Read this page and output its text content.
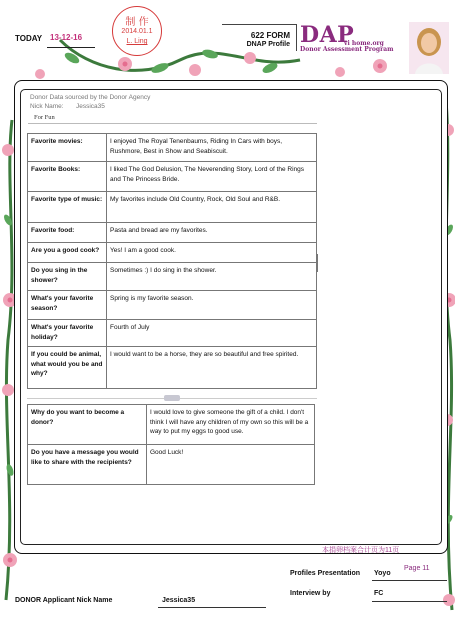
TODAY 13-12-16
制 作
2014.01.1
L. Ling
622 FORM
DNAP Profile DAP
vi home.org
Donor Assessment Program
Donor Data sourced by the Donor Agency
Nick Name: Jessica35
For Fun
Favorite movies:	I enjoyed The Royal Tenenbaums, Riding In Cars with boys, Rushmore, Best in Show and Seabiscuit.
Favorite Books:	I liked The God Delusion, The Neverending Story, Lord of the Rings and The Princess Bride.
Favorite type of music:	My favorites include Old Country, Rock, Old Soul and R&B.
Favorite food:	Pasta and bread are my favorites.
Are you a good cook?	Yes! I am a good cook.
Do you sing in the shower?	Sometimes :) I do sing in the shower.
What's your favorite season?	Spring is my favorite season.
What's your favorite holiday?	Fourth of July
If you could be animal, what would you be and why?	I would want to be a horse, they are so beautiful and free spirited.
Why do you want to become a donor?	I would love to give someone the gift of a child. I don't think I will have any children of my own so this will be a way to put my eggs to good use.
Do you have a message you would like to share with the recipients?	Good Luck!
本捐卵档案合计页为11页
Profiles Presentation Yoyo
Page 11
Interview by	FC
DONOR Applicant Nick Name	Jessica35
